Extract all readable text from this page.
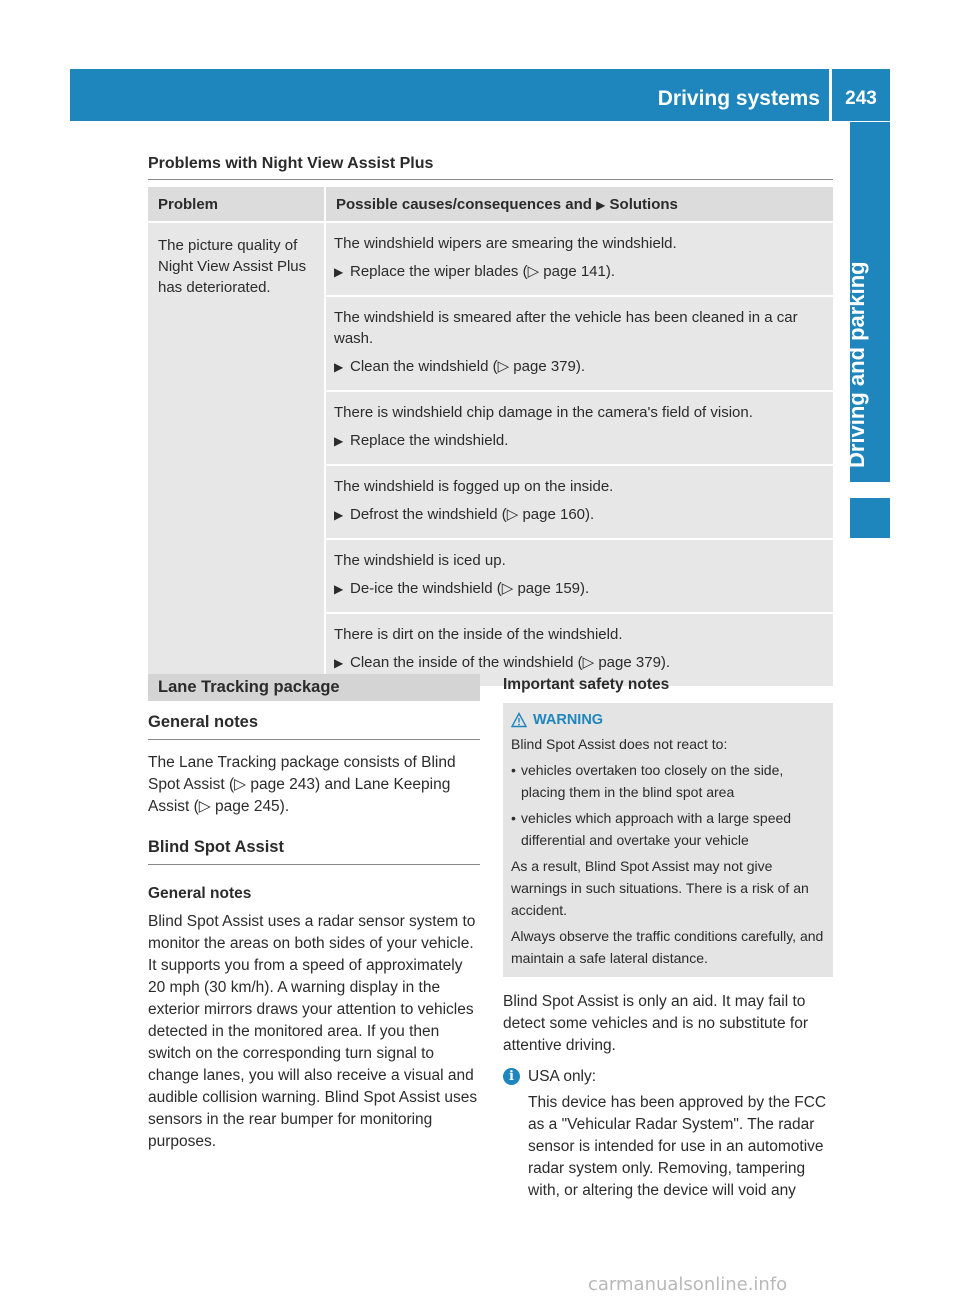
Driving systems	243
Driving and parking
Problems with Night View Assist Plus
Problem	Possible causes/consequences and ▶ Solutions
The picture quality of Night View Assist Plus has deteriorated.	The windshield wipers are smearing the windshield.

▶ Replace the wiper blades (▷ page 141).

	The windshield is smeared after the vehicle has been cleaned in a car wash.

▶ Clean the windshield (▷ page 379).

	There is windshield chip damage in the camera's field of vision.

▶ Replace the windshield.

	The windshield is fogged up on the inside.

▶ Defrost the windshield (▷ page 160).

	The windshield is iced up.

▶ De-ice the windshield (▷ page 159).

	There is dirt on the inside of the windshield.

▶ Clean the inside of the windshield (▷ page 379).
Lane Tracking package
General notes

The Lane Tracking package consists of Blind Spot Assist (▷ page 243) and Lane Keeping Assist (▷ page 245).

Blind Spot Assist
General notes

Blind Spot Assist uses a radar sensor system to monitor the areas on both sides of your vehicle. It supports you from a speed of approximately 20 mph (30 km/h). A warning display in the exterior mirrors draws your attention to vehicles detected in the monitored area. If you then switch on the corresponding turn signal to change lanes, you will also receive a visual and audible collision warning. Blind Spot Assist uses sensors in the rear bumper for monitoring purposes.

Important safety notes
WARNING

Blind Spot Assist does not react to:

• vehicles overtaken too closely on the side, placing them in the blind spot area
• vehicles which approach with a large speed differential and overtake your vehicle

As a result, Blind Spot Assist may not give warnings in such situations. There is a risk of an accident.

Always observe the traffic conditions carefully, and maintain a safe lateral distance.

Blind Spot Assist is only an aid. It may fail to detect some vehicles and is no substitute for attentive driving.

i USA only:

This device has been approved by the FCC as a "Vehicular Radar System". The radar sensor is intended for use in an automotive radar system only. Removing, tampering with, or altering the device will void any

carmanualsonline.info
